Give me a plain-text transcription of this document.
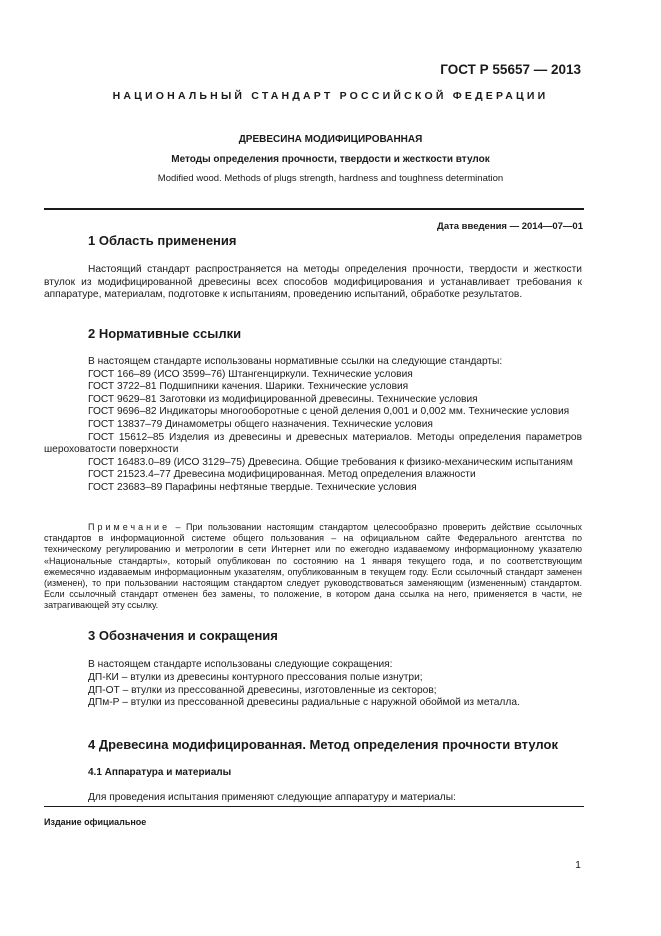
ГОСТ Р 55657 — 2013
НАЦИОНАЛЬНЫЙ СТАНДАРТ РОССИЙСКОЙ ФЕДЕРАЦИИ
ДРЕВЕСИНА МОДИФИЦИРОВАННАЯ
Методы определения прочности, твердости и жесткости втулок
Modified wood. Methods of plugs strength, hardness and toughness determination
Дата введения — 2014—07—01
1 Область применения

Настоящий стандарт распространяется на методы определения прочности, твердости и жесткости втулок из модифицированной древесины всех способов модифицирования и устанавливает требования к аппаратуре, материалам, подготовке к испытаниям, проведению испытаний, обработке результатов.

2 Нормативные ссылки

В настоящем стандарте использованы нормативные ссылки на следующие стандарты:

ГОСТ 166–89 (ИСО 3599–76) Штангенциркули. Технические условия

ГОСТ 3722–81 Подшипники качения. Шарики. Технические условия

ГОСТ 9629–81 Заготовки из модифицированной древесины. Технические условия

ГОСТ 9696–82 Индикаторы многооборотные с ценой деления 0,001 и 0,002 мм. Технические условия

ГОСТ 13837–79 Динамометры общего назначения. Технические условия

ГОСТ 15612–85 Изделия из древесины и древесных материалов. Методы определения параметров шероховатости поверхности

ГОСТ 16483.0–89 (ИСО 3129–75) Древесина. Общие требования к физико-механическим испытаниям

ГОСТ 21523.4–77 Древесина модифицированная. Метод определения влажности

ГОСТ 23683–89 Парафины нефтяные твердые. Технические условия

Примечание – При пользовании настоящим стандартом целесообразно проверить действие ссылочных стандартов в информационной системе общего пользования – на официальном сайте Федерального агентства по техническому регулированию и метрологии в сети Интернет или по ежегодно издаваемому информационному указателю «Национальные стандарты», который опубликован по состоянию на 1 января текущего года, и по соответствующим ежемесячно издаваемым информационным указателям, опубликованным в текущем году. Если ссылочный стандарт заменен (изменен), то при пользовании настоящим стандартом следует руководствоваться заменяющим (измененным) стандартом. Если ссылочный стандарт отменен без замены, то положение, в котором дана ссылка на него, применяется в части, не затрагивающей эту ссылку.

3 Обозначения и сокращения

В настоящем стандарте использованы следующие сокращения:

ДП-КИ – втулки из древесины контурного прессования полые изнутри;

ДП-ОТ – втулки из прессованной древесины, изготовленные из секторов;

ДПм-Р – втулки из прессованной древесины радиальные с наружной обоймой из металла.

4 Древесина модифицированная. Метод определения прочности втулок
4.1 Аппаратура и материалы
Для проведения испытания применяют следующие аппаратуру и материалы:
Издание официальное
1
